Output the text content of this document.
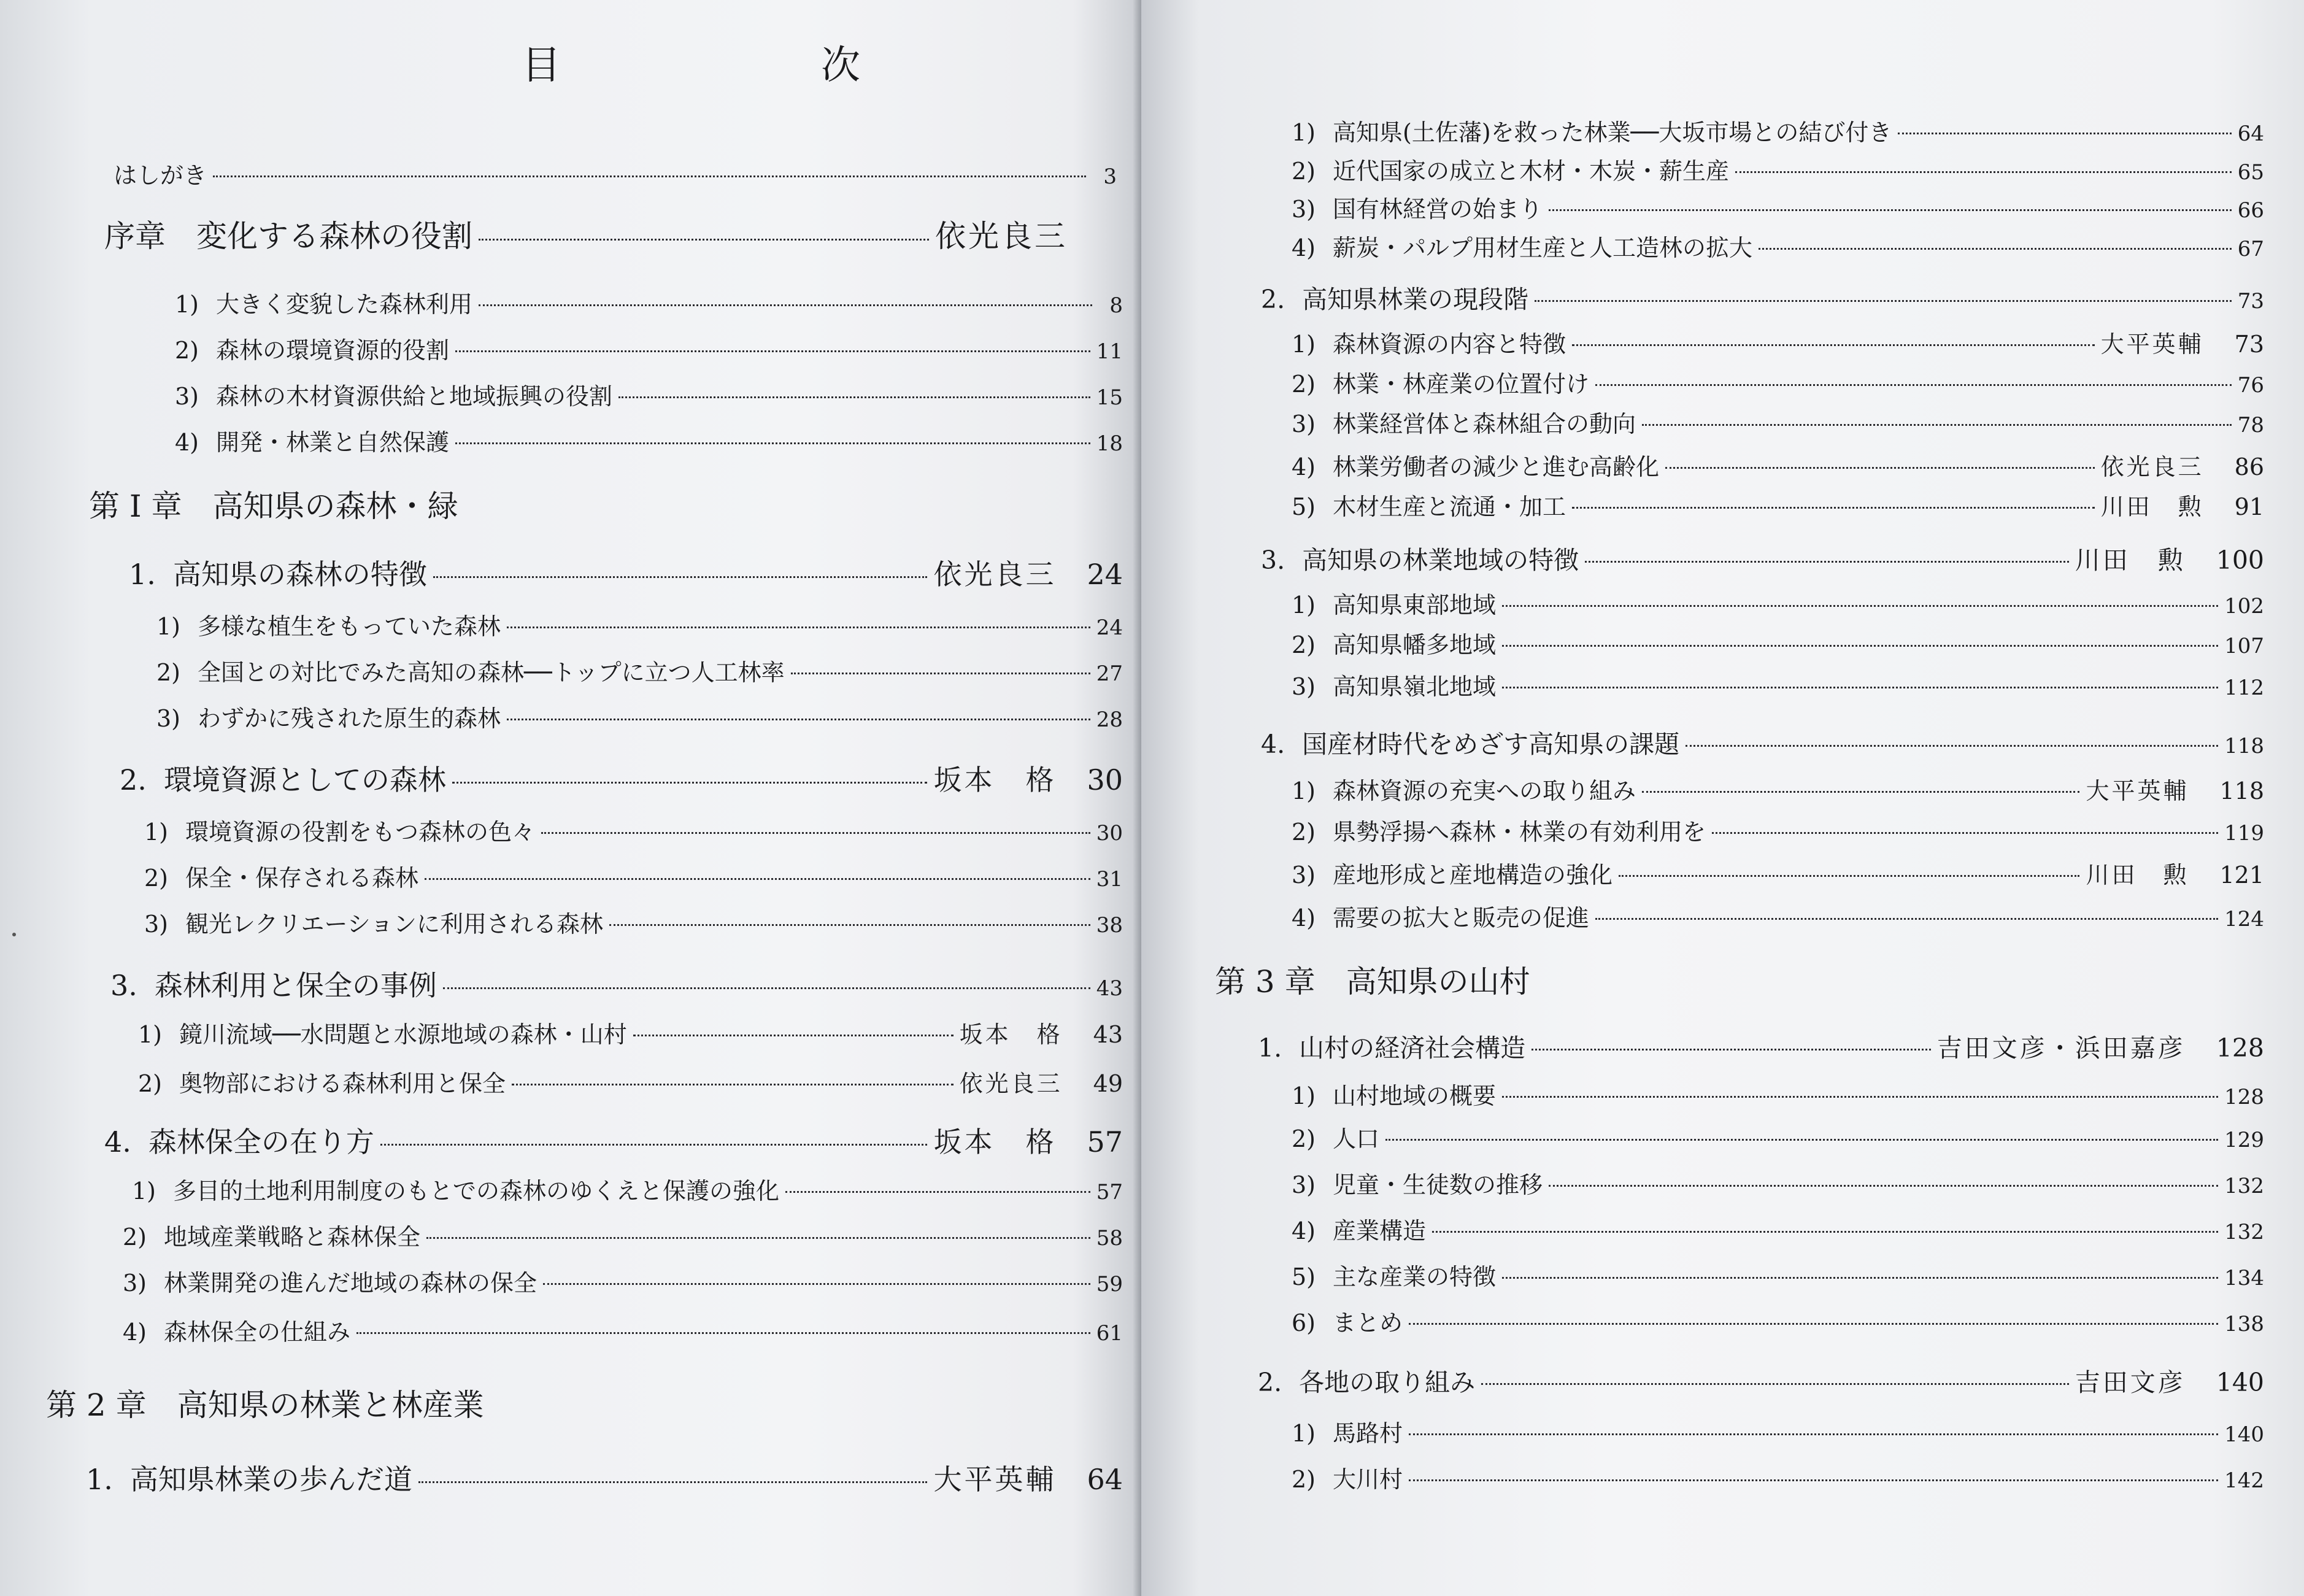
目　次
はしがき	3
序章　変化する森林の役割	依光良三
1) 大きく変貌した森林利用	8
2) 森林の環境資源的役割	11
3) 森林の木材資源供給と地域振興の役割	15
4) 開発・林業と自然保護	18
第 I 章　高知県の森林・緑
1. 高知県の森林の特徴	依光良三 24
1) 多様な植生をもっていた森林	24
2) 全国との対比でみた高知の森林──トップに立つ人工林率	27
3) わずかに残された原生的森林	28
2. 環境資源としての森林	坂本　格 30
1) 環境資源の役割をもつ森林の色々	30
2) 保全・保存される森林	31
3) 観光レクリエーションに利用される森林	38
3. 森林利用と保全の事例	43
1) 鏡川流域──水問題と水源地域の森林・山村	坂本　格 43
2) 奥物部における森林利用と保全	依光良三 49
4. 森林保全の在り方	坂本　格 57
1) 多目的土地利用制度のもとでの森林のゆくえと保護の強化	57
2) 地域産業戦略と森林保全	58
3) 林業開発の進んだ地域の森林の保全	59
4) 森林保全の仕組み	61
第 2 章　高知県の林業と林産業
1. 高知県林業の歩んだ道	大平英輔 64
1) 高知県(土佐藩)を救った林業──大坂市場との結び付き	64
2) 近代国家の成立と木材・木炭・薪生産	65
3) 国有林経営の始まり	66
4) 薪炭・パルプ用材生産と人工造林の拡大	67
2. 高知県林業の現段階	73
1) 森林資源の内容と特徴	大平英輔 73
2) 林業・林産業の位置付け	76
3) 林業経営体と森林組合の動向	78
4) 林業労働者の減少と進む高齢化	依光良三 86
5) 木材生産と流通・加工	川田　勲 91
3. 高知県の林業地域の特徴	川田　勲 100
1) 高知県東部地域	102
2) 高知県幡多地域	107
3) 高知県嶺北地域	112
4. 国産材時代をめざす高知県の課題	118
1) 森林資源の充実への取り組み	大平英輔 118
2) 県勢浮揚へ森林・林業の有効利用を	119
3) 産地形成と産地構造の強化	川田　勲 121
4) 需要の拡大と販売の促進	124
第 3 章　高知県の山村
1. 山村の経済社会構造	吉田文彦・浜田嘉彦 128
1) 山村地域の概要	128
2) 人口	129
3) 児童・生徒数の推移	132
4) 産業構造	132
5) 主な産業の特徴	134
6) まとめ	138
2. 各地の取り組み	吉田文彦 140
1) 馬路村	140
2) 大川村	142
